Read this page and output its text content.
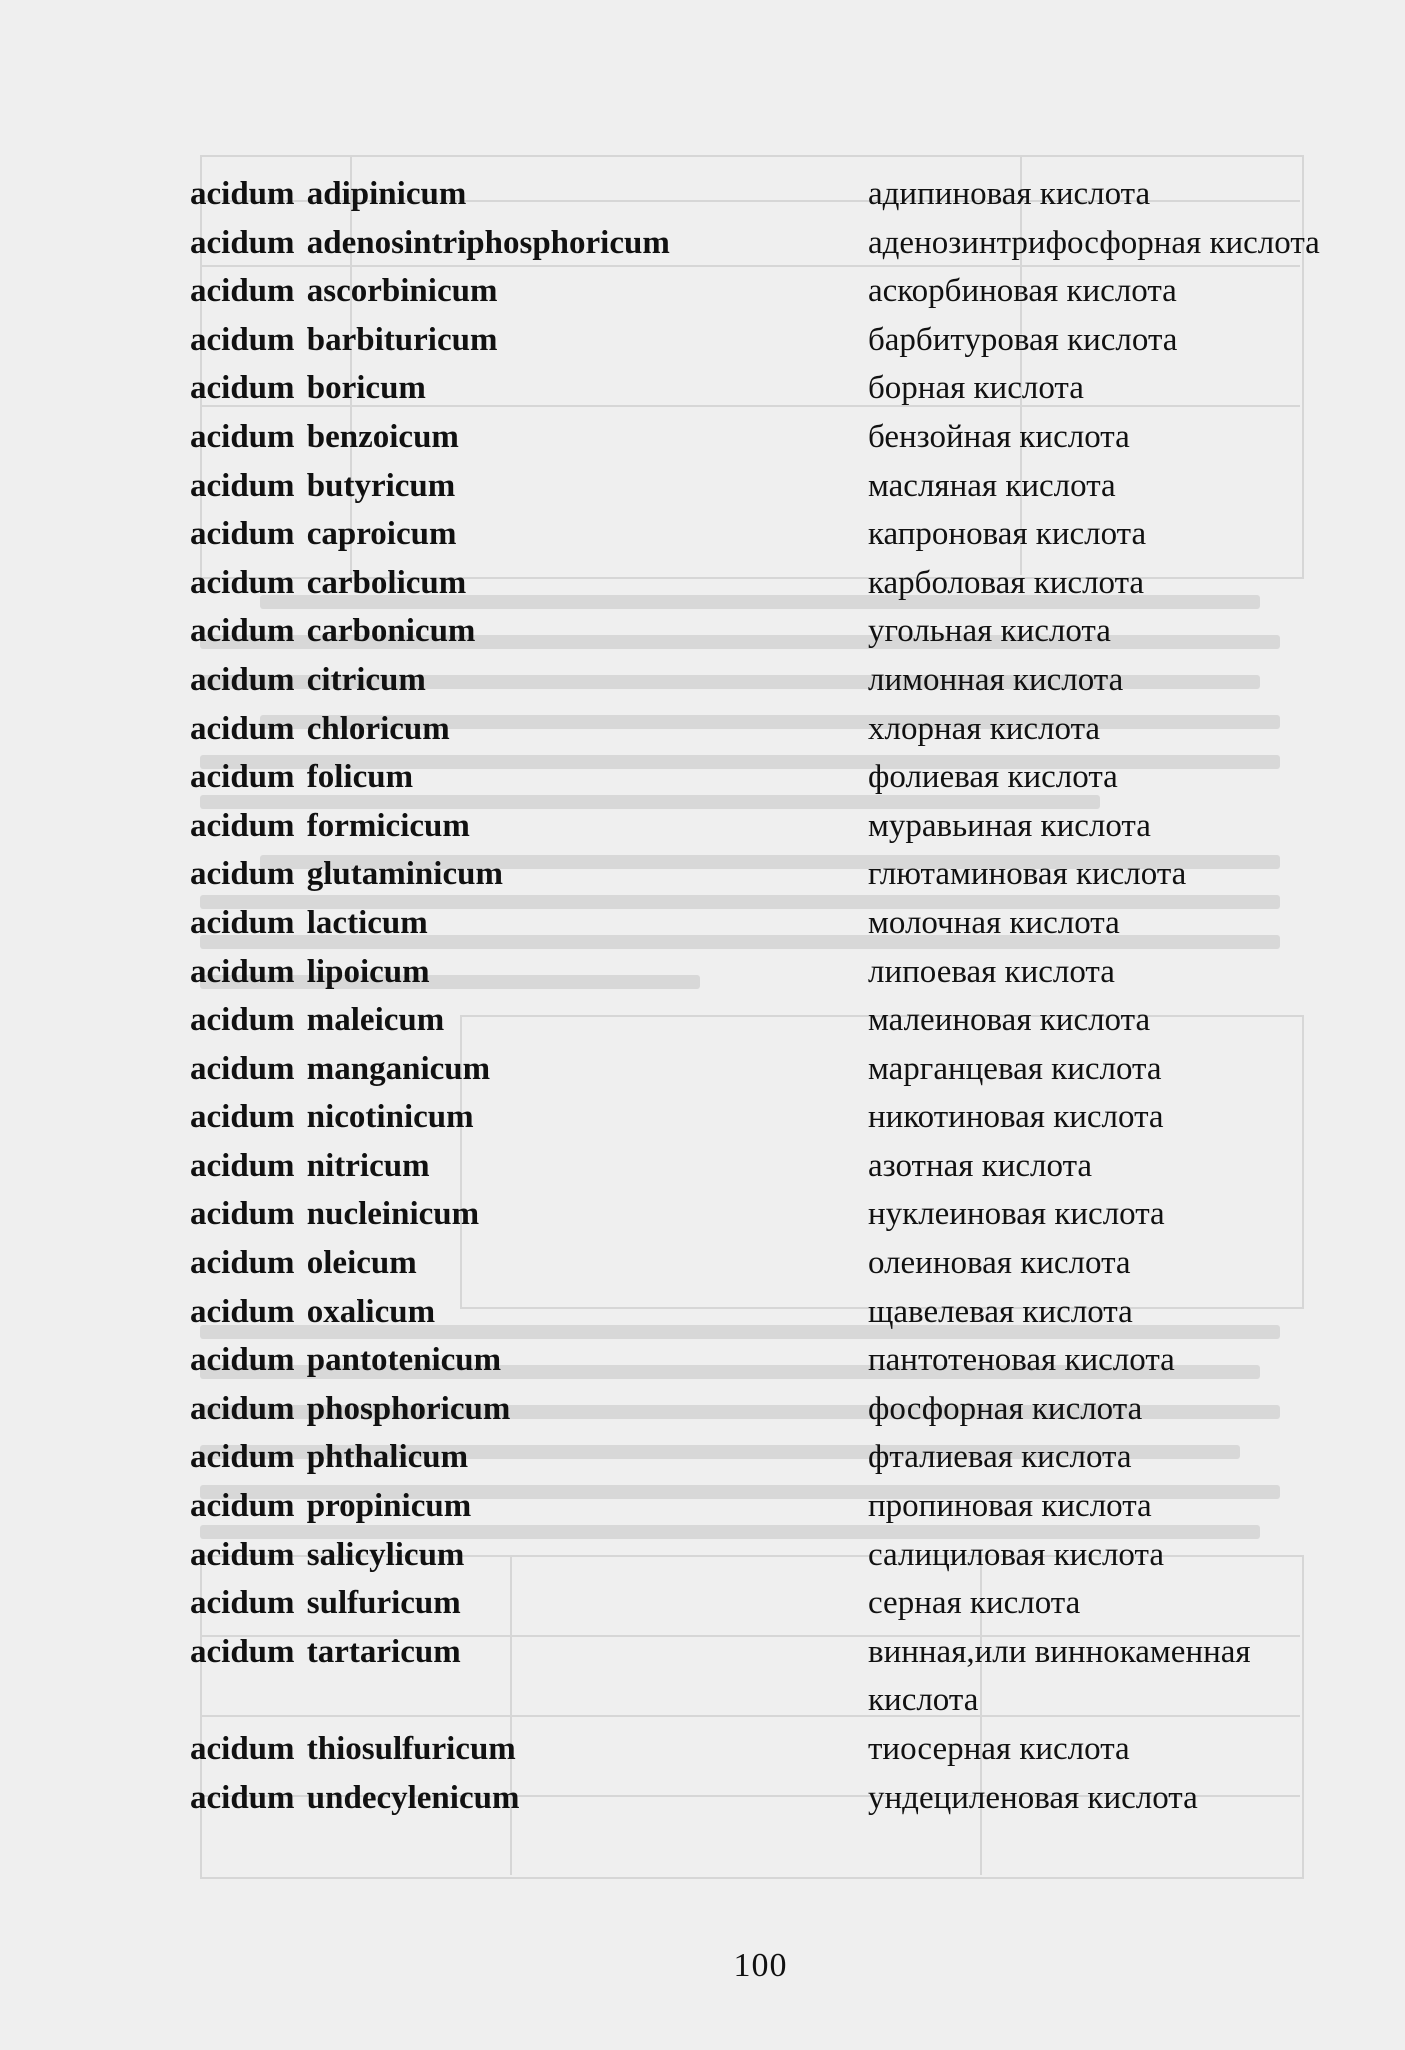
acidum adipinicum	адипиновая кислота
acidum adenosintriphosphoricum	аденозинтрифосфорная кислота
acidum ascorbinicum	аскорбиновая кислота
acidum barbituricum	барбитуровая кислота
acidum boricum	борная кислота
acidum benzoicum	бензойная кислота
acidum butyricum	масляная кислота
acidum caproicum	капроновая кислота
acidum carbolicum	карболовая кислота
acidum carbonicum	угольная кислота
acidum citricum	лимонная кислота
acidum chloricum	хлорная кислота
acidum folicum	фолиевая кислота
acidum formicicum	муравьиная кислота
acidum glutaminicum	глютаминовая кислота
acidum lacticum	молочная кислота
acidum lipoicum	липоевая кислота
acidum maleicum	малеиновая кислота
acidum manganicum	марганцевая кислота
acidum nicotinicum	никотиновая кислота
acidum nitricum	азотная кислота
acidum nucleinicum	нуклеиновая кислота
acidum oleicum	олеиновая кислота
acidum oxalicum	щавелевая кислота
acidum pantotenicum	пантотеновая кислота
acidum phosphoricum	фосфорная кислота
acidum phthalicum	фталиевая кислота
acidum propinicum	пропиновая кислота
acidum salicylicum	салициловая кислота
acidum sulfuricum	серная кислота
acidum tartaricum	винная,или виннокаменная кислота
acidum thiosulfuricum	тиосерная кислота
acidum undecylenicum	ундециленовая кислота
100
